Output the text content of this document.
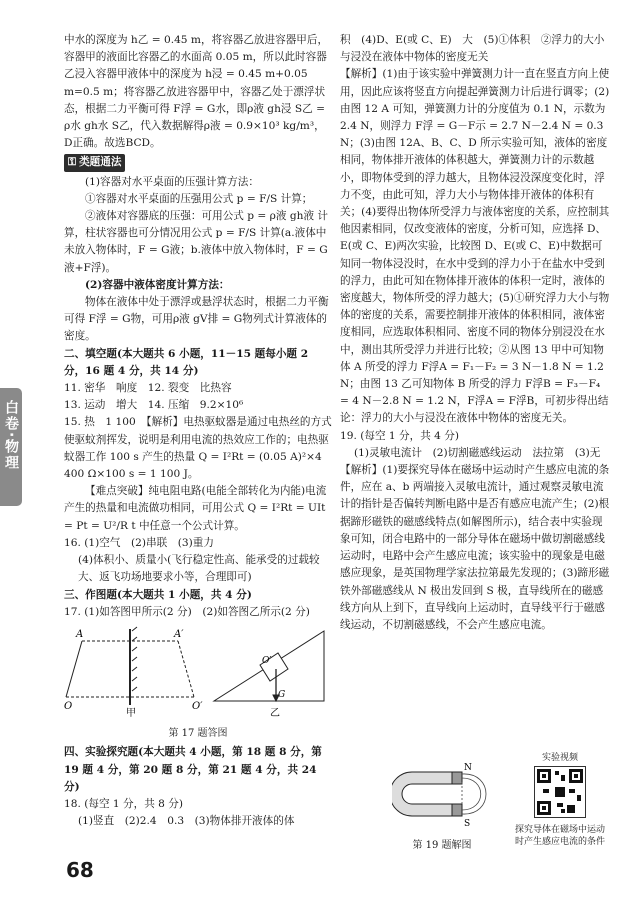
中水的深度为 h乙 = 0.45 m，将容器乙放进容器甲后，容器甲的液面比容器乙的水面高 0.05 m，所以此时容器乙浸入容器甲液体中的深度为 h浸 = 0.45 m+0.05 m=0.5 m；将容器乙放进容器甲中，容器乙处于漂浮状态，根据二力平衡可得 F浮 = G水，即ρ液 gh浸 S乙 = ρ水 gh水 S乙，代入数据解得ρ液 = 0.9×10³ kg/m³，D正确。故选BCD。

⚿ 类题通法

(1)容器对水平桌面的压强计算方法：

①容器对水平桌面的压强用公式 p = F/S 计算；

②液体对容器底的压强：可用公式 p = ρ液 gh液 计算，柱状容器也可分情况用公式 p = F/S 计算(a.液体中未放入物体时，F = G液；b.液体中放入物体时，F = G液+F浮)。

(2)容器中液体密度计算方法：

物体在液体中处于漂浮或悬浮状态时，根据二力平衡可得 F浮 = G物，可用ρ液 gV排 = G物列式计算液体的密度。

二、填空题(本大题共 6 小题，11－15 题每小题 2 分，16 题 4 分，共 14 分)

11. 密华　响度　12. 裂变　比热容

13. 运动　增大　14. 压缩　9.2×10⁶

15. 热　1 100　【解析】电热驱蚊器是通过电热丝的方式使驱蚊剂挥发，说明是利用电流的热效应工作的；电热驱蚊器工作 100 s 产生的热量 Q = I²Rt = (0.05 A)²×4 400 Ω×100 s = 1 100 J。

【难点突破】纯电阻电路(电能全部转化为内能)电流产生的热量和电流做功相同，可用公式 Q = I²Rt = UIt = Pt = U²/R t 中任意一个公式计算。

16. (1)空气　(2)串联　(3)重力

(4)体积小、质量小(飞行稳定性高、能承受的过载较大、返飞功场地要求小等，合理即可)

三、作图题(本大题共 1 小题，共 4 分)

17. (1)如答图甲所示(2 分)　(2)如答图乙所示(2 分)

A	A′
O	O′
甲
O′
G
乙
第 17 题答图

四、实验探究题(本大题共 4 小题，第 18 题 8 分，第 19 题 4 分，第 20 题 8 分，第 21 题 4 分，共 24 分)

18. (每空 1 分，共 8 分)

(1)竖直　(2)2.4　0.3　(3)物体排开液体的体

积　(4)D、E(或 C、E)　大　(5)①体积　②浮力的大小与浸没在液体中物体的密度无关

【解析】(1)由于该实验中弹簧测力计一直在竖直方向上使用，因此应该将竖直方向提起弹簧测力计后进行调零；(2)由图 12 A 可知，弹簧测力计的分度值为 0.1 N，示数为 2.4 N，则浮力 F浮 = G－F示 = 2.7 N－2.4 N = 0.3 N；(3)由图 12A、B、C、D 所示实验可知，液体的密度相同，物体排开液体的体积越大，弹簧测力计的示数越小，即物体受到的浮力越大，且物体浸没深度变化时，浮力不变，由此可知，浮力大小与物体排开液体的体积有关；(4)要得出物体所受浮力与液体密度的关系，应控制其他因素相同，仅改变液体的密度，分析可知，应选择 D、E(或 C、E)两次实验，比较图 D、E(或 C、E)中数据可知同一物体浸没时，在水中受到的浮力小于在盐水中受到的浮力，由此可知在物体排开液体的体积一定时，液体的密度越大，物体所受的浮力越大；(5)①研究浮力大小与物体的密度的关系，需要控制排开液体的体积相同，液体密度相同，应选取体积相同、密度不同的物体分别浸没在水中，测出其所受浮力并进行比较；②从图 13 甲中可知物体 A 所受的浮力 F浮A = F₁－F₂ = 3 N－1.8 N = 1.2 N；由图 13 乙可知物体 B 所受的浮力 F浮B = F₃－F₄ = 4 N－2.8 N = 1.2 N，F浮A = F浮B，可初步得出结论：浮力的大小与浸没在液体中物体的密度无关。

19. (每空 1 分，共 4 分)

(1)灵敏电流计　(2)切割磁感线运动　法拉第　(3)无

【解析】(1)要探究导体在磁场中运动时产生感应电流的条件，应在 a、b 两端接入灵敏电流计，通过观察灵敏电流计的指针是否偏转判断电路中是否有感应电流产生；(2)根据蹄形磁铁的磁感线特点(如解图所示)，结合表中实验现象可知，闭合电路中的一部分导体在磁场中做切割磁感线运动时，电路中会产生感应电流；该实验中的现象是电磁感应现象，是英国物理学家法拉第最先发现的；(3)蹄形磁铁外部磁感线从 N 极出发回到 S 极，直导线所在的磁感线方向从上到下，直导线向上运动时，直导线平行于磁感线运动，不切割磁感线，不会产生感应电流。

N
S
第 19 题解图
实验视频
探究导体在磁场中运动时产生感应电流的条件
白卷·物理
68
